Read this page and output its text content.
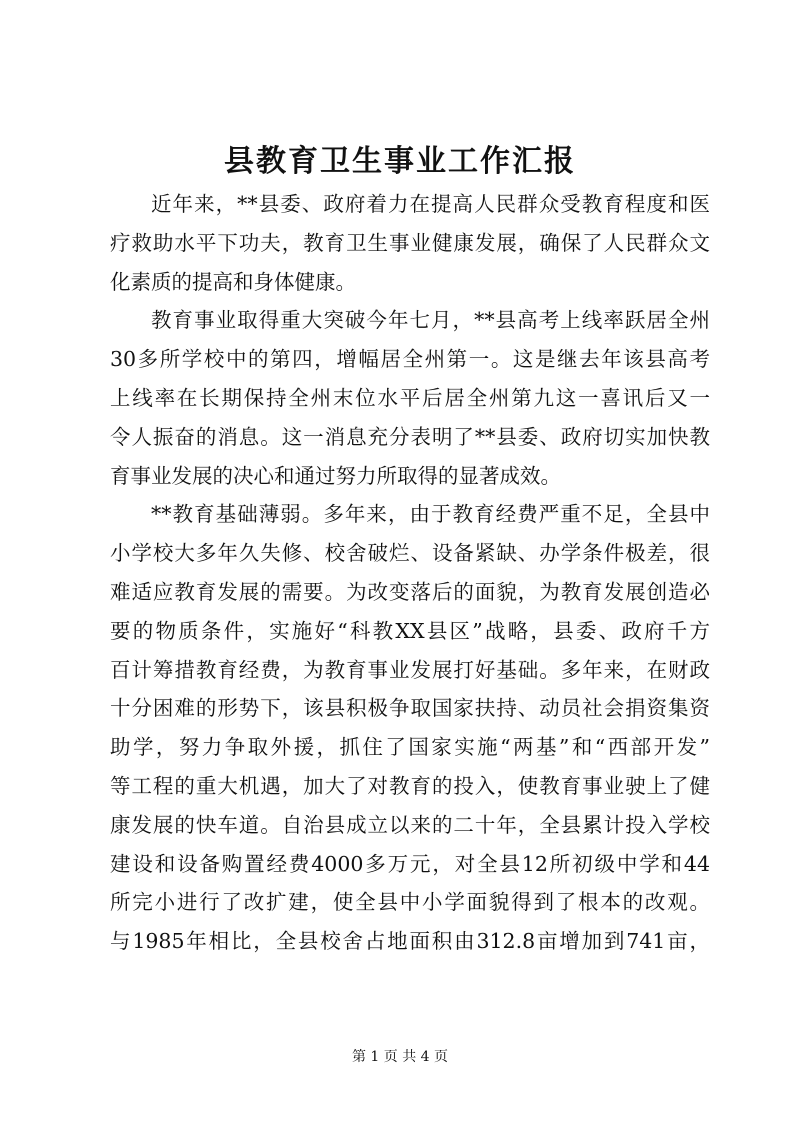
县教育卫生事业工作汇报
近年来，**县委、政府着力在提高人民群众受教育程度和医
疗救助水平下功夫，教育卫生事业健康发展，确保了人民群众文
化素质的提高和身体健康。
教育事业取得重大突破今年七月，**县高考上线率跃居全州
30多所学校中的第四，增幅居全州第一。这是继去年该县高考
上线率在长期保持全州末位水平后居全州第九这一喜讯后又一
令人振奋的消息。这一消息充分表明了**县委、政府切实加快教
育事业发展的决心和通过努力所取得的显著成效。
**教育基础薄弱。多年来，由于教育经费严重不足，全县中
小学校大多年久失修、校舍破烂、设备紧缺、办学条件极差，很
难适应教育发展的需要。为改变落后的面貌，为教育发展创造必
要的物质条件，实施好“科教XX县区”战略，县委、政府千方
百计筹措教育经费，为教育事业发展打好基础。多年来，在财政
十分困难的形势下，该县积极争取国家扶持、动员社会捐资集资
助学，努力争取外援，抓住了国家实施“两基”和“西部开发”
等工程的重大机遇，加大了对教育的投入，使教育事业驶上了健
康发展的快车道。自治县成立以来的二十年，全县累计投入学校
建设和设备购置经费4000多万元，对全县12所初级中学和44
所完小进行了改扩建，使全县中小学面貌得到了根本的改观。
与1985年相比，全县校舍占地面积由312.8亩增加到741亩，
第 1 页 共 4 页
